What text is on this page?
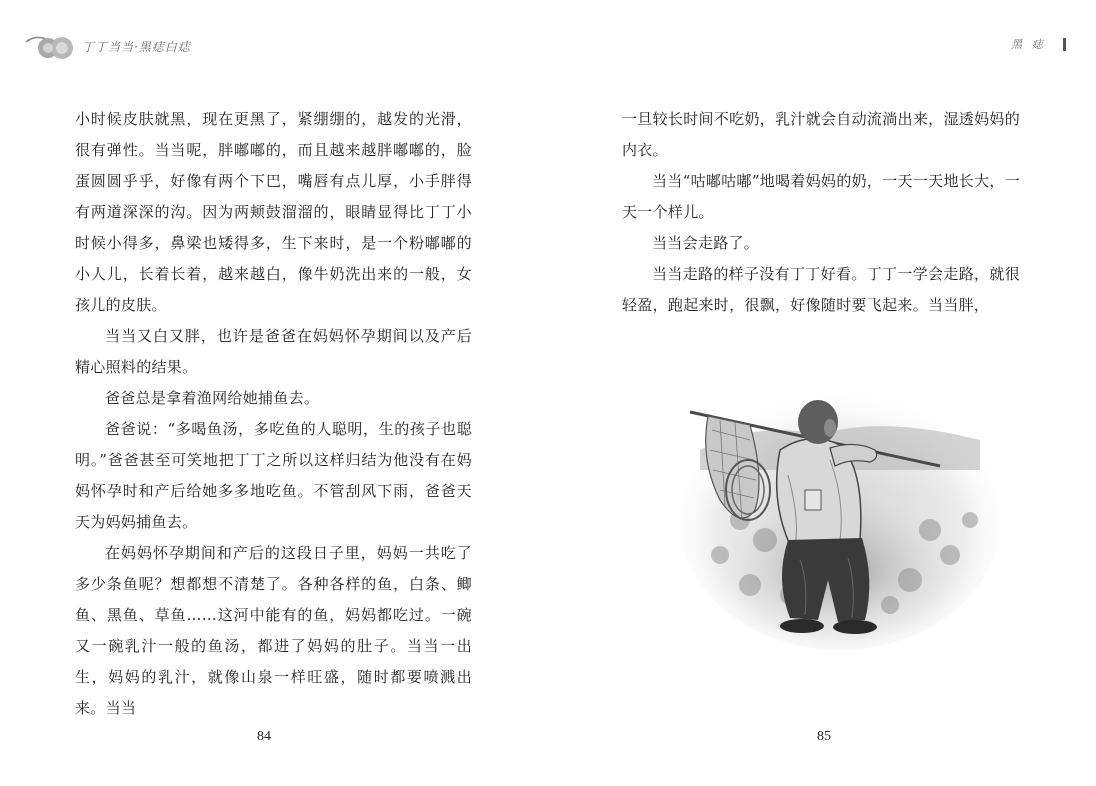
丁丁当当·黑痣白痣	黑痣

小时候皮肤就黑，现在更黑了，紧绷绷的，越发的光滑，很有弹性。当当呢，胖嘟嘟的，而且越来越胖嘟嘟的，脸蛋圆圆乎乎，好像有两个下巴，嘴唇有点儿厚，小手胖得有两道深深的沟。因为两颊鼓溜溜的，眼睛显得比丁丁小时候小得多，鼻梁也矮得多，生下来时，是一个粉嘟嘟的小人儿，长着长着，越来越白，像牛奶洗出来的一般，女孩儿的皮肤。

当当又白又胖，也许是爸爸在妈妈怀孕期间以及产后精心照料的结果。

爸爸总是拿着渔网给她捕鱼去。

爸爸说：“多喝鱼汤，多吃鱼的人聪明，生的孩子也聪明。”爸爸甚至可笑地把丁丁之所以这样归结为他没有在妈妈怀孕时和产后给她多多地吃鱼。不管刮风下雨，爸爸天天为妈妈捕鱼去。

在妈妈怀孕期间和产后的这段日子里，妈妈一共吃了多少条鱼呢？想都想不清楚了。各种各样的鱼，白条、鲫鱼、黑鱼、草鱼……这河中能有的鱼，妈妈都吃过。一碗又一碗乳汁一般的鱼汤，都进了妈妈的肚子。当当一出生，妈妈的乳汁，就像山泉一样旺盛，随时都要喷溅出来。当当

一旦较长时间不吃奶，乳汁就会自动流淌出来，湿透妈妈的内衣。

当当“咕嘟咕嘟”地喝着妈妈的奶，一天一天地长大，一天一个样儿。

当当会走路了。

当当走路的样子没有丁丁好看。丁丁一学会走路，就很轻盈，跑起来时，很飘，好像随时要飞起来。当当胖，

84	85
